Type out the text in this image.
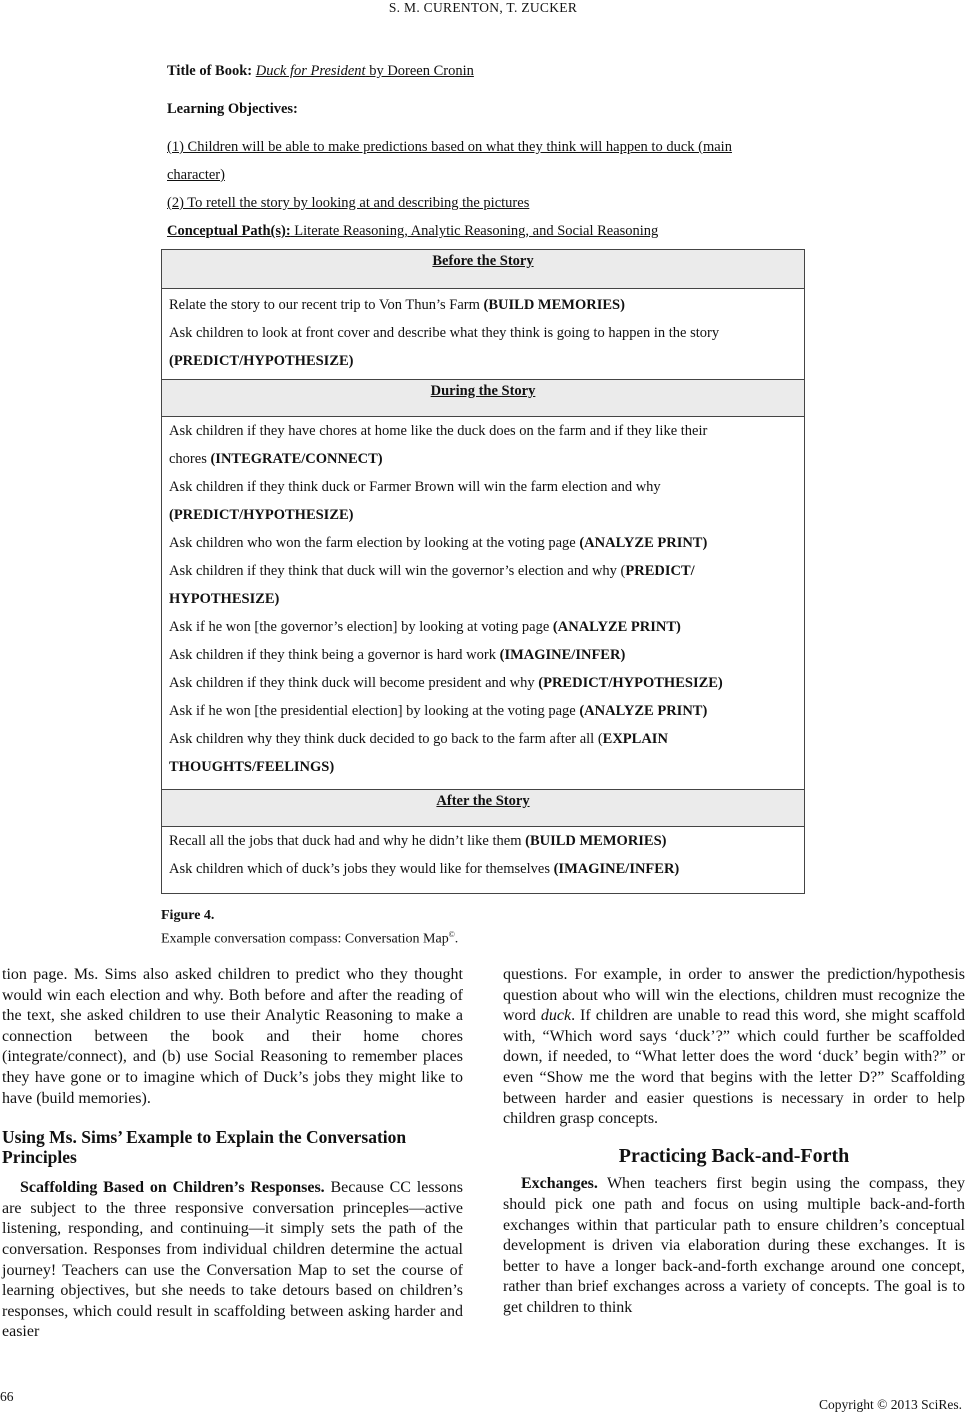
S. M. CURENTON, T. ZUCKER
Title of Book: Duck for President by Doreen Cronin
Learning Objectives:
(1) Children will be able to make predictions based on what they think will happen to duck (main
character)
(2) To retell the story by looking at and describing the pictures
Conceptual Path(s): Literate Reasoning, Analytic Reasoning, and Social Reasoning
Before the Story

Relate the story to our recent trip to Von Thun’s Farm (BUILD MEMORIES)
Ask children to look at front cover and describe what they think is going to happen in the story
(PREDICT/HYPOTHESIZE)

During the Story

Ask children if they have chores at home like the duck does on the farm and if they like their
chores (INTEGRATE/CONNECT)
Ask children if they think duck or Farmer Brown will win the farm election and why
(PREDICT/HYPOTHESIZE)
Ask children who won the farm election by looking at the voting page (ANALYZE PRINT)
Ask children if they think that duck will win the governor’s election and why (PREDICT/
HYPOTHESIZE)
Ask if he won [the governor’s election] by looking at voting page (ANALYZE PRINT)
Ask children if they think being a governor is hard work (IMAGINE/INFER)
Ask children if they think duck will become president and why (PREDICT/HYPOTHESIZE)
Ask if he won [the presidential election] by looking at the voting page (ANALYZE PRINT)
Ask children why they think duck decided to go back to the farm after all (EXPLAIN
THOUGHTS/FEELINGS)

After the Story

Recall all the jobs that duck had and why he didn’t like them (BUILD MEMORIES)
Ask children which of duck’s jobs they would like for themselves (IMAGINE/INFER)
Figure 4.
Example conversation compass: Conversation Map©.

tion page. Ms. Sims also asked children to predict who they thought would win each election and why. Both before and after the reading of the text, she asked children to use their Analytic Reasoning to make a connection between the book and their home chores (integrate/connect), and (b) use Social Reasoning to remember places they have gone or to imagine which of Duck’s jobs they might like to have (build memories).

Using Ms. Sims’ Example to Explain the Conversation Principles

Scaffolding Based on Children’s Responses. Because CC lessons are subject to the three responsive conversation princeples—active listening, responding, and continuing—it simply sets the path of the conversation. Responses from individual children determine the actual journey! Teachers can use the Conversation Map to set the course of learning objectives, but she needs to take detours based on children’s responses, which could result in scaffolding between asking harder and easier

questions. For example, in order to answer the prediction/hypothesis question about who will win the elections, children must recognize the word duck. If children are unable to read this word, she might scaffold with, “Which word says ‘duck’?” which could further be scaffolded down, if needed, to “What letter does the word ‘duck’ begin with?” or even “Show me the word that begins with the letter D?” Scaffolding between harder and easier questions is necessary in order to help children grasp concepts.

Practicing Back-and-Forth

Exchanges. When teachers first begin using the compass, they should pick one path and focus on using multiple back-and-forth exchanges within that particular path to ensure children’s conceptual development is driven via elaboration during these exchanges. It is better to have a longer back-and-forth exchange around one concept, rather than brief exchanges across a variety of concepts. The goal is to get children to think

66
Copyright © 2013 SciRes.
